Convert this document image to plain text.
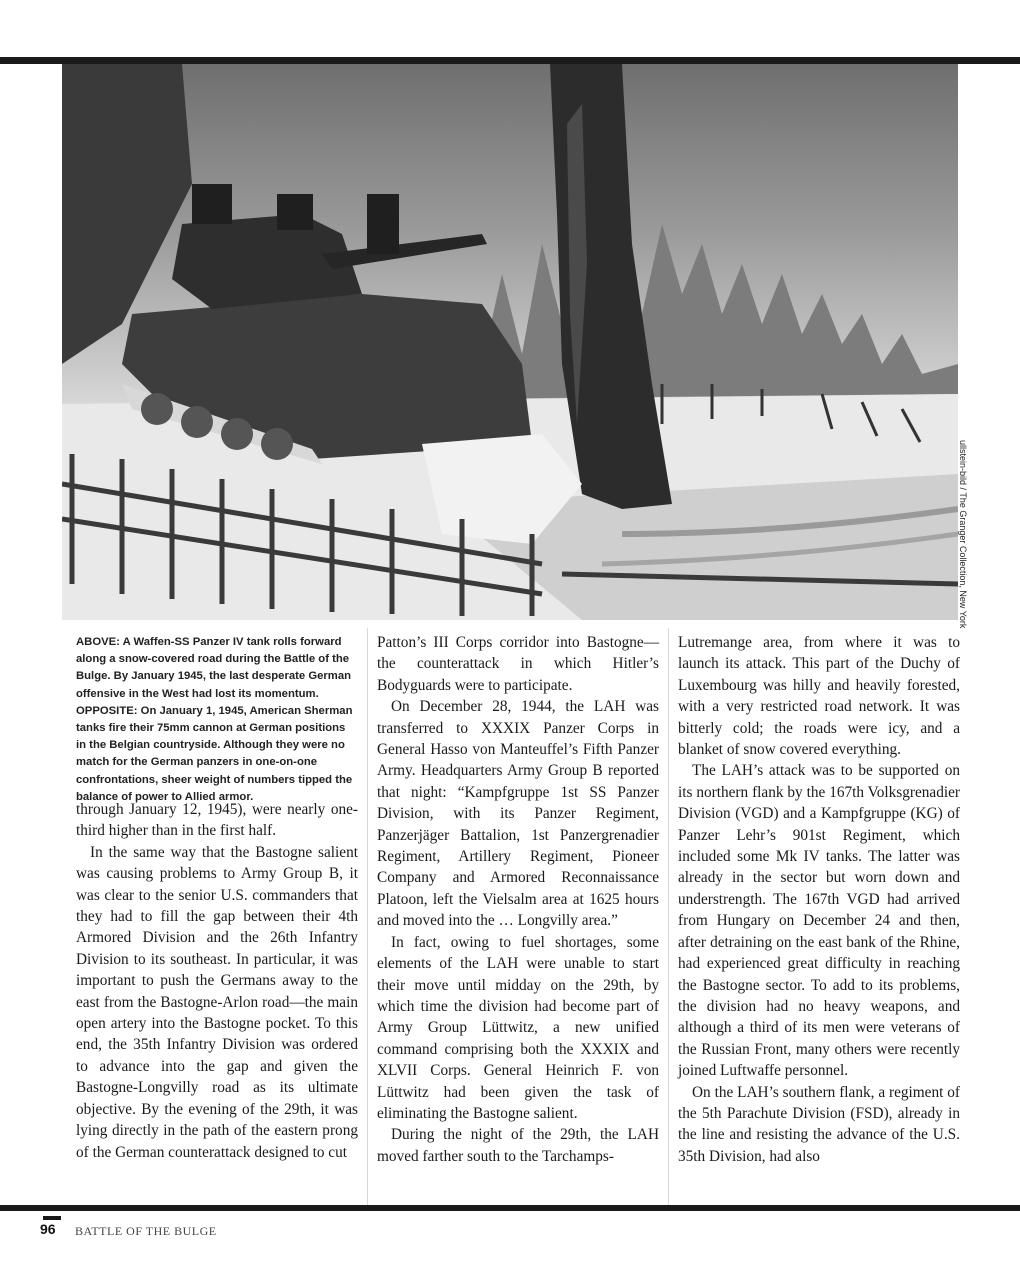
ullstein-bild / The Granger Collection, New York
ABOVE: A Waffen-SS Panzer IV tank rolls forward along a snow-covered road during the Battle of the Bulge. By January 1945, the last desperate German offensive in the West had lost its momentum. OPPOSITE: On January 1, 1945, American Sherman tanks fire their 75mm cannon at German positions in the Belgian countryside. Although they were no match for the German panzers in one-on-one confrontations, sheer weight of numbers tipped the balance of power to Allied armor.

through January 12, 1945), were nearly one-third higher than in the first half.

In the same way that the Bastogne salient was causing problems to Army Group B, it was clear to the senior U.S. commanders that they had to fill the gap between their 4th Armored Division and the 26th Infantry Division to its southeast. In particular, it was important to push the Germans away to the east from the Bastogne-Arlon road—the main open artery into the Bastogne pocket. To this end, the 35th Infantry Division was ordered to advance into the gap and given the Bastogne-Longvilly road as its ultimate objective. By the evening of the 29th, it was lying directly in the path of the eastern prong of the German counterattack designed to cut

Patton’s III Corps corridor into Bastogne—the counterattack in which Hitler’s Bodyguards were to participate.

On December 28, 1944, the LAH was transferred to XXXIX Panzer Corps in General Hasso von Manteuffel’s Fifth Panzer Army. Headquarters Army Group B reported that night: “Kampfgruppe 1st SS Panzer Division, with its Panzer Regiment, Panzerjäger Battalion, 1st Panzergrenadier Regiment, Artillery Regiment, Pioneer Company and Armored Reconnaissance Platoon, left the Vielsalm area at 1625 hours and moved into the … Longvilly area.”

In fact, owing to fuel shortages, some elements of the LAH were unable to start their move until midday on the 29th, by which time the division had become part of Army Group Lüttwitz, a new unified command comprising both the XXXIX and XLVII Corps. General Heinrich F. von Lüttwitz had been given the task of eliminating the Bastogne salient.

During the night of the 29th, the LAH moved farther south to the Tarchamps-

Lutremange area, from where it was to launch its attack. This part of the Duchy of Luxembourg was hilly and heavily forested, with a very restricted road network. It was bitterly cold; the roads were icy, and a blanket of snow covered everything.

The LAH’s attack was to be supported on its northern flank by the 167th Volksgrenadier Division (VGD) and a Kampfgruppe (KG) of Panzer Lehr’s 901st Regiment, which included some Mk IV tanks. The latter was already in the sector but worn down and understrength. The 167th VGD had arrived from Hungary on December 24 and then, after detraining on the east bank of the Rhine, had experienced great difficulty in reaching the Bastogne sector. To add to its problems, the division had no heavy weapons, and although a third of its men were veterans of the Russian Front, many others were recently joined Luftwaffe personnel.

On the LAH’s southern flank, a regiment of the 5th Parachute Division (FSD), already in the line and resisting the advance of the U.S. 35th Division, had also

96 BATTLE OF THE BULGE
